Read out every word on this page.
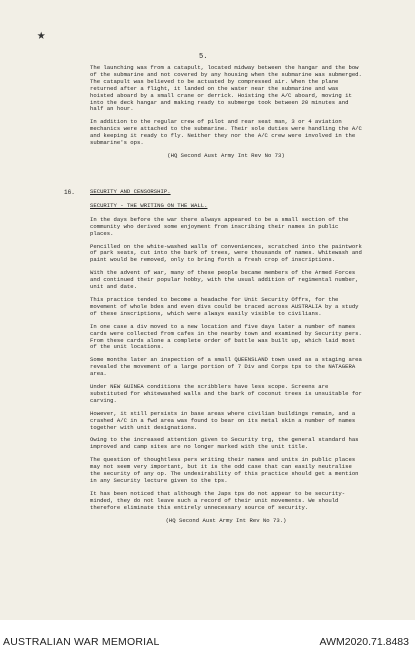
★
5.

The launching was from a catapult, located midway between the hangar and the bow of the submarine and not covered by any housing when the submarine was submerged. The catapult was believed to be actuated by compressed air. When the plane returned after a flight, it landed on the water near the submarine and was hoisted aboard by a small crane or derrick. Hoisting the A/C aboard, moving it into the deck hangar and making ready to submerge took between 20 minutes and half an hour.

In addition to the regular crew of pilot and rear seat man, 3 or 4 aviation mechanics were attached to the submarine. Their sole duties were handling the A/C and keeping it ready to fly. Neither they nor the A/C crew were involved in the submarine's ops.

(HQ Second Aust Army Int Rev No 73)

16.	SECURITY AND CENSORSHIP.

SECURITY - THE WRITING ON THE WALL.

In the days before the war there always appeared to be a small section of the community who derived some enjoyment from inscribing their names in public places.

Pencilled on the white-washed walls of conveniences, scratched into the paintwork of park seats, cut into the bark of trees, were thousands of names. Whitewash and paint would be removed, only to bring forth a fresh crop of inscriptions.

With the advent of war, many of these people became members of the Armed Forces and continued their popular hobby, with the usual addition of regimental number, unit and date.

This practice tended to become a headache for Unit Security Offrs, for the movement of whole bdes and even divs could be traced across AUSTRALIA by a study of these inscriptions, which were always easily visible to civilians.

In one case a div moved to a new location and five days later a number of names cards were collected from cafes in the nearby town and examined by Security pers. From these cards alone a complete order of battle was built up, which laid most of the unit locations.

Some months later an inspection of a small QUEENSLAND town used as a staging area revealed the movement of a large portion of 7 Div and Corps tps to the NATAGERA area.

Under NEW GUINEA conditions the scribblers have less scope. Screens are substituted for whitewashed walls and the bark of coconut trees is unsuitable for carving.

However, it still persists in base areas where civilian buildings remain, and a crashed A/C in a fwd area was found to bear on its metal skin a number of names together with unit designations.

Owing to the increased attention given to Security trg, the general standard has improved and camp sites are no longer marked with the unit title.

The question of thoughtless pers writing their names and units in public places may not seem very important, but it is the odd case that can easily neutralise the security of any op. The undesirability of this practice should get a mention in any Security lecture given to the tps.

It has been noticed that although the Japs tps do not appear to be security-minded, they do not leave such a record of their unit movements. We should therefore eliminate this entirely unnecessary source of security.

(HQ Second Aust Army Int Rev No 73.)

AUSTRALIAN WAR MEMORIAL	AWM2020.71.8483
